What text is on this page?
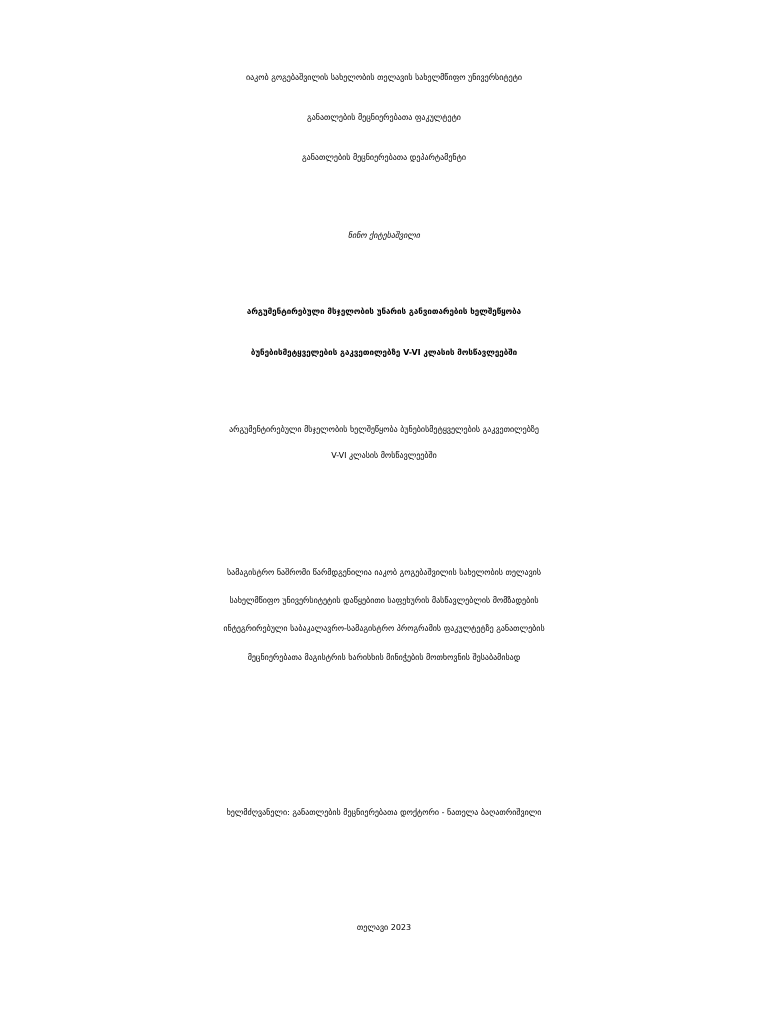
იაკობ გოგებაშვილის სახელობის თელავის სახელმწიფო უნივერსიტეტი
განათლების მეცნიერებათა ფაკულტეტი
განათლების მეცნიერებათა დეპარტამენტი
ნინო ქიტესაშვილი
არგუმენტირებული მსჯელობის უნარის განვითარების ხელშეწყობა
ბუნებისმეტყველების გაკვეთილებზე V-VI კლასის მოსწავლეებში
არგუმენტირებული მსჯელობის ხელშეწყობა ბუნებისმეტყველების გაკვეთილებზე
V-VI კლასის მოსწავლეებში
სამაგისტრო ნაშრომი წარმდგენილია იაკობ გოგებაშვილის სახელობის თელავის
სახელმწიფო უნივერსიტეტის დაწყებითი საფეხურის მასწავლებლის მომზადების
ინტეგრირებული საბაკალავრო-სამაგისტრო პროგრამის ფაკულტეტზე განათლების
მეცნიერებათა მაგისტრის ხარისხის მინიჭების მოთხოვნის შესაბამისად
ხელმძღვანელი: განათლების მეცნიერებათა დოქტორი - ნათელა ბაღათრიშვილი
თელავი 2023
